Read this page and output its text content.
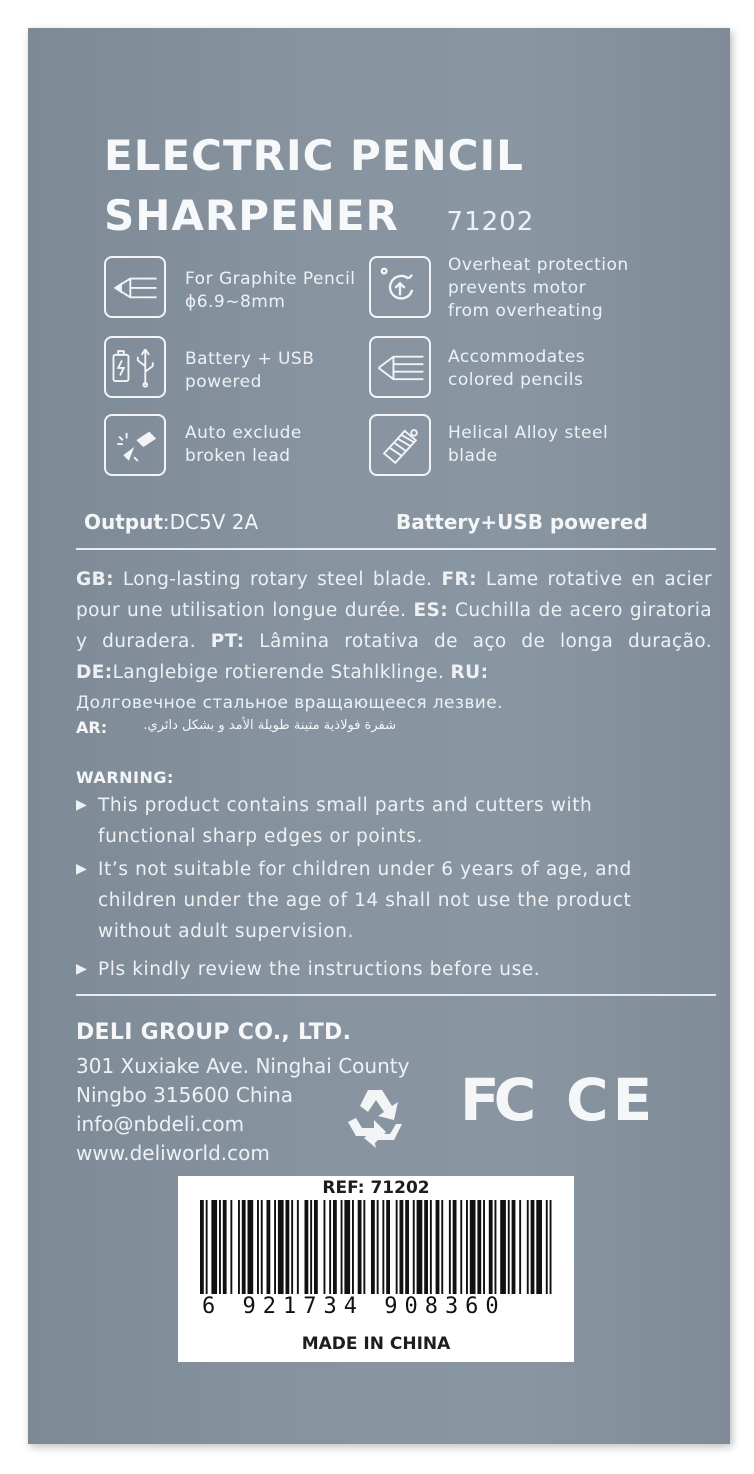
ELECTRIC PENCIL
SHARPENER 71202
For Graphite Pencil
ϕ6.9~8mm
Overheat protection
prevents motor
from overheating
Battery + USB
powered
Accommodates
colored pencils
Auto exclude
broken lead
Helical Alloy steel
blade
Output:DC5V 2A	Battery+USB powered
GB: Long-lasting rotary steel blade. FR: Lame rotative en acier pour une utilisation longue durée. ES: Cuchilla de acero giratoria y duradera. PT: Lâmina rotativa de aço de longa duração. DE:Langlebige rotierende Stahlklinge. RU:
Долговечное стальное вращающееся лезвие.
AR:	شفرة فولاذية متينة طويلة الأمد و بشكل دائري.
WARNING:
▶ This product contains small parts and cutters with
functional sharp edges or points.
▶ It’s not suitable for children under 6 years of age, and
children under the age of 14 shall not use the product
without adult supervision.
▶ Pls kindly review the instructions before use.
DELI GROUP CO., LTD.
301 Xuxiake Ave. Ninghai County
Ningbo 315600 China
info@nbdeli.com
www.deliworld.com
FC CE
REF: 71202
6 921734 908360
MADE IN CHINA
